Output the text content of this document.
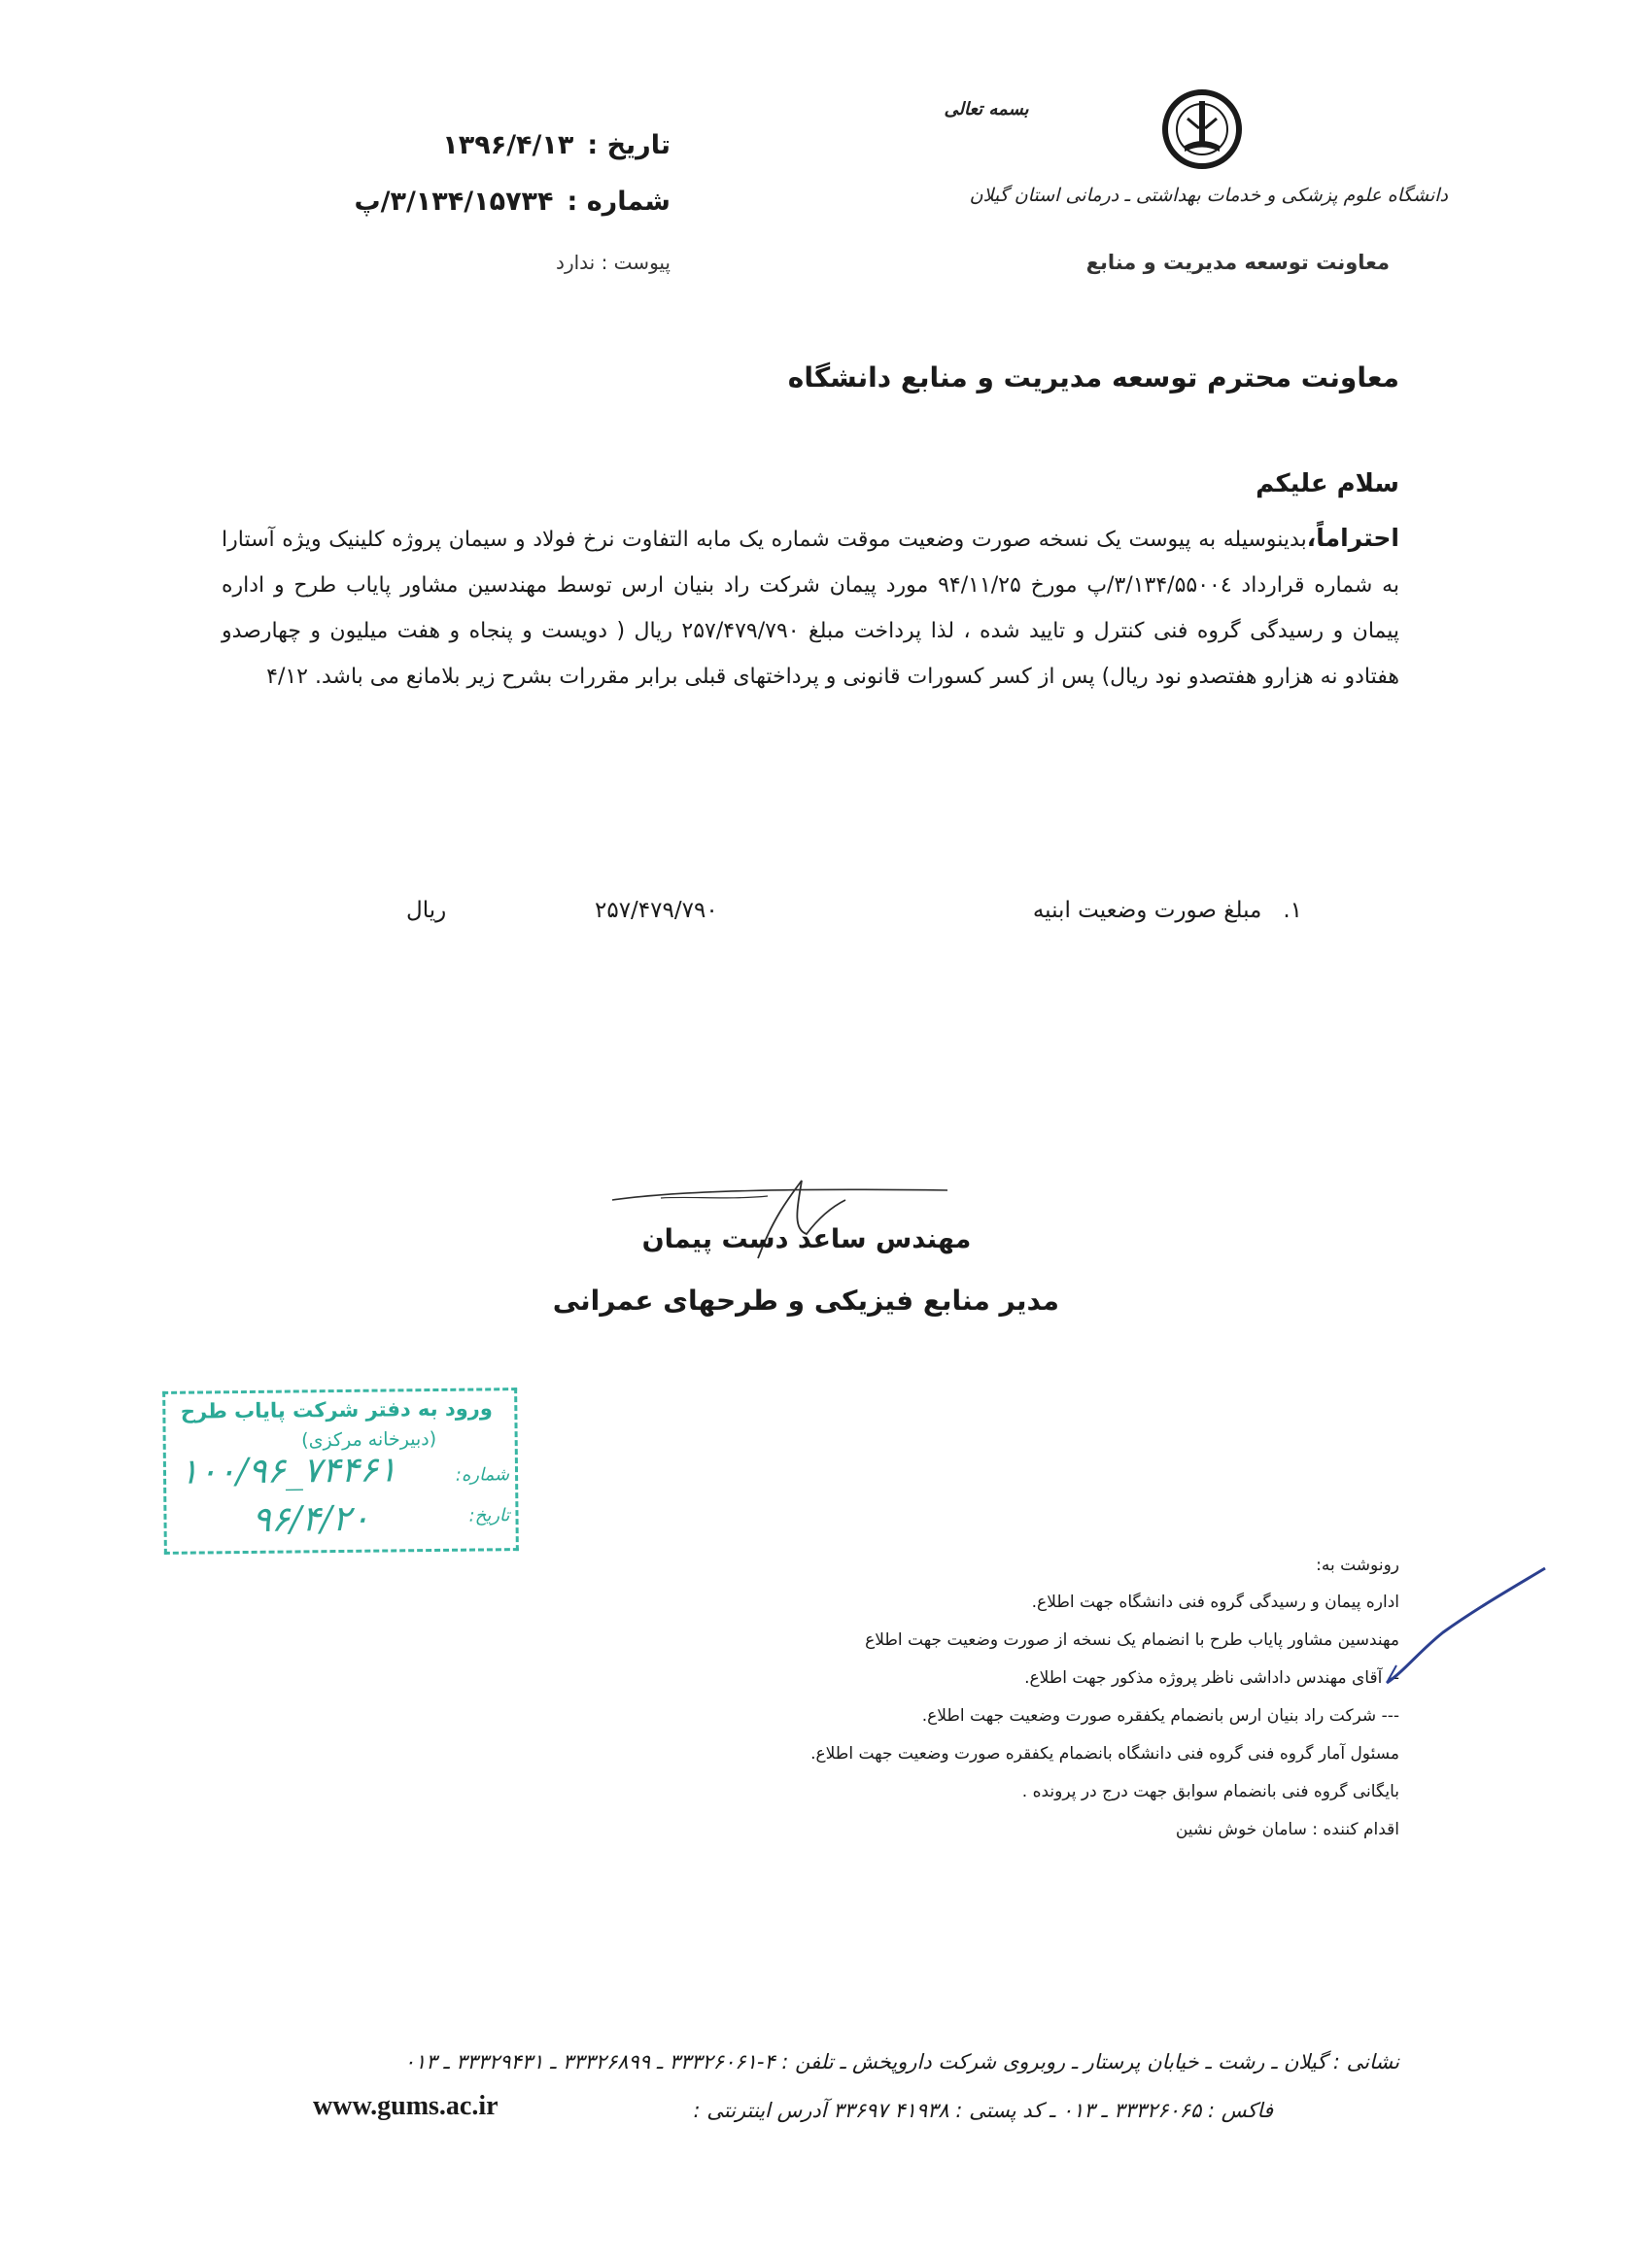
تاریخ :۱۳۹۶/۴/۱۳
شماره :۳/۱۳۴/۱۵۷۳۴/پ
پیوست : ندارد
بسمه تعالی
دانشگاه علوم پزشکی و خدمات بهداشتی ـ درمانی استان گیلان
معاونت توسعه مدیریت و منابع
معاونت محترم توسعه مدیریت و منابع دانشگاه
سلام علیکم
احتراماً،بدینوسیله به پیوست یک نسخه صورت وضعیت موقت شماره یک مابه التفاوت نرخ فولاد و سیمان پروژه کلینیک ویژه آستارا به شماره قرارداد ۳/۱۳۴/۵۵۰۰٤/پ مورخ ۹۴/۱۱/۲۵ مورد پیمان شرکت راد بنیان ارس توسط مهندسین مشاور پایاب طرح و اداره پیمان و رسیدگی گروه فنی کنترل و تایید شده ، لذا پرداخت مبلغ ۲۵۷/۴۷۹/۷۹۰ ریال ( دویست و پنجاه و هفت میلیون و چهارصدو هفتادو نه هزارو هفتصدو نود ریال) پس از کسر کسورات قانونی و پرداختهای قبلی برابر مقررات بشرح زیر بلامانع می باشد. ۴/۱۲
۱.مبلغ صورت وضعیت ابنیه
۲۵۷/۴۷۹/۷۹۰
ریال
مهندس ساعد دست پیمان
مدیر منابع فیزیکی و طرحهای عمرانی
ورود به دفتر شرکت پایاب طرح
(دبیرخانه مرکزی)
شماره:
۱۰۰/۹۶_۷۴۴۶۱
تاریخ:
۹۶/۴/۲۰
رونوشت به:
اداره پیمان و رسیدگی گروه فنی دانشگاه جهت اطلاع.
مهندسین مشاور پایاب طرح با انضمام یک نسخه از صورت وضعیت جهت اطلاع
-- آقای مهندس داداشی ناظر پروژه مذکور جهت اطلاع.
--- شرکت راد بنیان ارس بانضمام یکفقره صورت وضعیت جهت اطلاع.
مسئول آمار گروه فنی گروه فنی دانشگاه بانضمام یکفقره صورت وضعیت جهت اطلاع.
بایگانی گروه فنی بانضمام سوابق جهت درج در پرونده .
اقدام کننده : سامان خوش نشین
نشانی : گیلان ـ رشت ـ خیابان پرستار ـ روبروی شرکت داروپخش ـ تلفن : ۴-۳۳۳۲۶۰۶۱ ـ ۳۳۳۲۶۸۹۹ ـ ۳۳۳۲۹۴۳۱ ـ ۰۱۳
فاکس : ۳۳۳۲۶۰۶۵ ـ ۰۱۳ ـ کد پستی : ۴۱۹۳۸ ۳۳۶۹۷ آدرس اینترنتی :
www.gums.ac.ir
